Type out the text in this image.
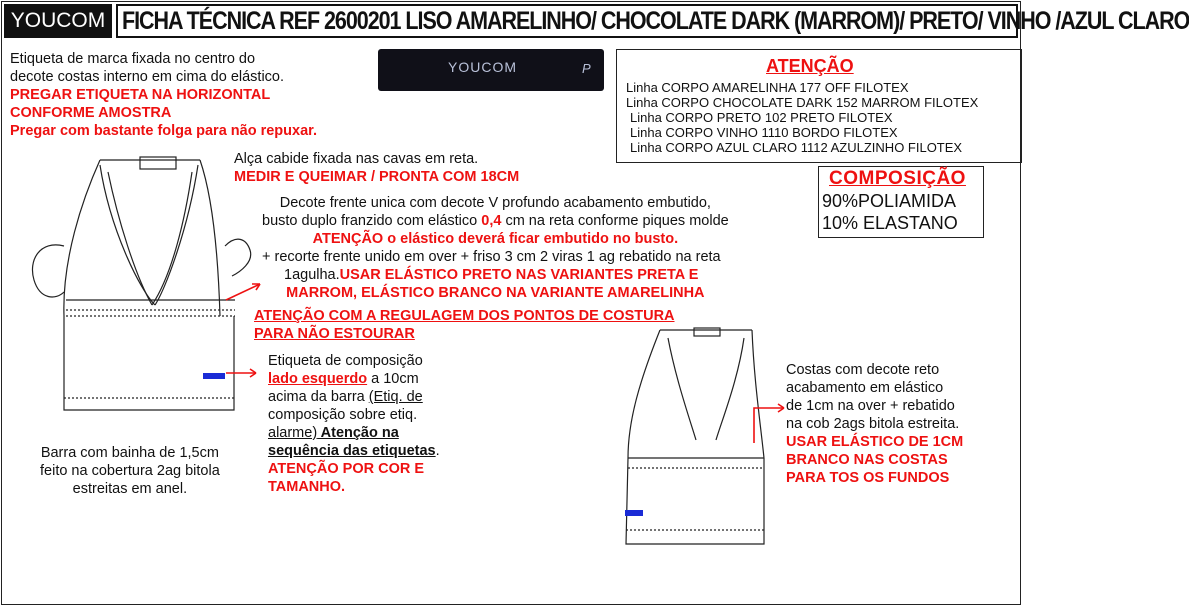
YOUCOM FICHA TÉCNICA REF 2600201 LISO AMARELINHO/ CHOCOLATE DARK (MARROM)/ PRETO/ VINHO /AZUL CLARO
Etiqueta de marca fixada no centro do
decote costas interno em cima do elástico.
PREGAR ETIQUETA NA HORIZONTAL
CONFORME AMOSTRA
Pregar com bastante folga para não repuxar.
YOUCOM	P	ATENÇÃO
Linha CORPO AMARELINHA 177 OFF FILOTEX
Linha CORPO CHOCOLATE DARK 152 MARROM FILOTEX
Linha CORPO PRETO 102 PRETO FILOTEX
Linha CORPO VINHO 1110 BORDO FILOTEX
Linha CORPO AZUL CLARO 1112 AZULZINHO FILOTEX
COMPOSIÇÃO
90%POLIAMIDA
10% ELASTANO
Alça cabide fixada nas cavas em reta.
MEDIR E QUEIMAR / PRONTA COM 18CM
Decote frente unica com decote V profundo acabamento embutido,
busto duplo franzido com elástico 0,4 cm na reta conforme piques molde
ATENÇÃO o elástico deverá ficar embutido no busto.
+ recorte frente unido em over + friso 3 cm 2 viras 1 ag rebatido na reta
1agulha.USAR ELÁSTICO PRETO NAS VARIANTES PRETA E
MARROM, ELÁSTICO BRANCO NA VARIANTE AMARELINHA
ATENÇÃO COM A REGULAGEM DOS PONTOS DE COSTURA
PARA NÃO ESTOURAR
Etiqueta de composição
lado esquerdo a 10cm
acima da barra (Etiq. de
composição sobre etiq.
alarme) Atenção na
sequência das etiquetas.
ATENÇÃO POR COR E
TAMANHO.
Barra com bainha de 1,5cm
feito na cobertura 2ag bitola
estreitas em anel.
Costas com decote reto
acabamento em elástico
de 1cm na over + rebatido
na cob 2ags bitola estreita.
USAR ELÁSTICO DE 1CM
BRANCO NAS COSTAS
PARA TOS OS FUNDOS
